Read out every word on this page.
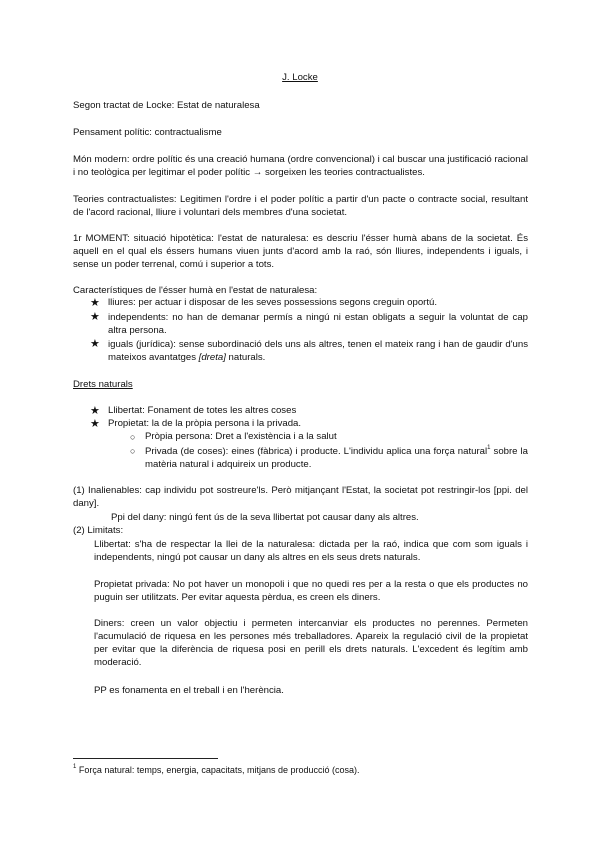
J. Locke
Segon tractat de Locke: Estat de naturalesa
Pensament polític: contractualisme
Món modern: ordre polític és una creació humana (ordre convencional) i cal buscar una justificació racional i no teològica per legitimar el poder polític → sorgeixen les teories contractualistes.
Teories contractualistes: Legitimen l'ordre i el poder polític a partir d'un pacte o contracte social, resultant de l'acord racional, lliure i voluntari dels membres d'una societat.
1r MOMENT: situació hipotètica: l'estat de naturalesa: es descriu l'ésser humà abans de la societat. És aquell en el qual els éssers humans viuen junts d'acord amb la raó, són lliures, independents i iguals, i sense un poder terrenal, comú i superior a tots.
Característiques de l'ésser humà en l'estat de naturalesa:
★ lliures: per actuar i disposar de les seves possessions segons creguin oportú.
★ independents: no han de demanar permís a ningú ni estan obligats a seguir la voluntat de cap altra persona.
★ iguals (jurídica): sense subordinació dels uns als altres, tenen el mateix rang i han de gaudir d'uns mateixos avantatges [dreta] naturals.
Drets naturals
★ Llibertat: Fonament de totes les altres coses
★ Propietat: la de la pròpia persona i la privada.
○ Pròpia persona: Dret a l'existència i a la salut
○ Privada (de coses): eines (fàbrica) i producte. L'individu aplica una força natural$^1$ sobre la matèria natural i adquireix un producte.
(1) Inalienables: cap individu pot sostreure'ls. Però mitjançant l'Estat, la societat pot restringir-los [ppi. del dany].
Ppi del dany: ningú fent ús de la seva llibertat pot causar dany als altres.
(2) Limitats:
Llibertat: s'ha de respectar la llei de la naturalesa: dictada per la raó, indica que com som iguals i independents, ningú pot causar un dany als altres en els seus drets naturals.
Propietat privada: No pot haver un monopoli i que no quedi res per a la resta o que els productes no puguin ser utilitzats. Per evitar aquesta pèrdua, es creen els diners.
Diners: creen un valor objectiu i permeten intercanviar els productes no perennes. Permeten l'acumulació de riquesa en les persones més treballadores. Apareix la regulació civil de la propietat per evitar que la diferència de riquesa posi en perill els drets naturals. L'excedent és legítim amb moderació.
PP es fonamenta en el treball i en l'herència.
$^1$ Força natural: temps, energia, capacitats, mitjans de producció (cosa).
